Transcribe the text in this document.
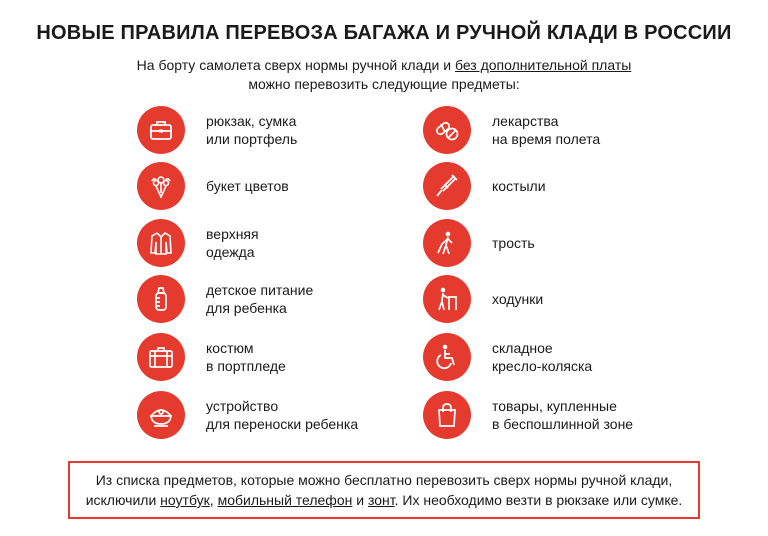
НОВЫЕ ПРАВИЛА ПЕРЕВОЗА БАГАЖА И РУЧНОЙ КЛАДИ В РОССИИ
На борту самолета сверх нормы ручной клади и без дополнительной платы
можно перевозить следующие предметы:
рюкзак, сумка
или портфель
букет цветов
верхняя
одежда
детское питание
для ребенка
костюм
в портпледе
устройство
для переноски ребенка
лекарства
на время полета
костыли
трость
ходунки
складное
кресло-коляска
товары, купленные
в беспошлинной зоне
Из списка предметов, которые можно бесплатно перевозить сверх нормы ручной клади,
исключили ноутбук, мобильный телефон и зонт. Их необходимо везти в рюкзаке или сумке.
